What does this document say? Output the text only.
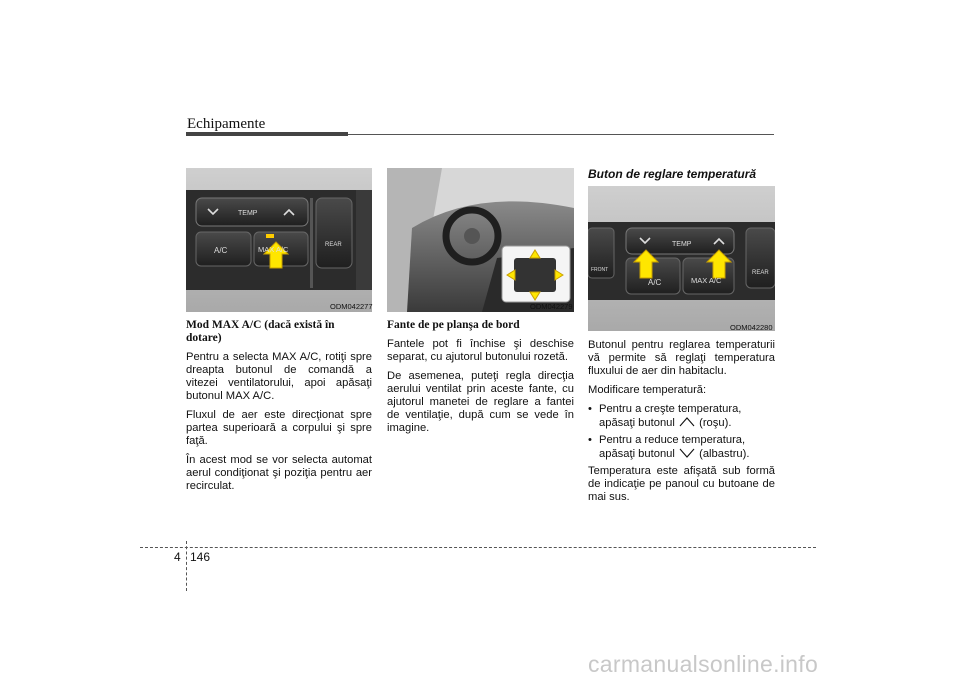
Echipamente
TEMP
A/C	MAX A/C	REAR
ODM042277	ODM042279
TEMP
FRONT
A/C	MAX A/C
REAR
ODM042280

Mod MAX A/C (dacă există în dotare)

Pentru a selecta MAX A/C, rotiţi spre dreapta butonul de comandă a vitezei ventilatorului, apoi apăsaţi butonul MAX A/C.

Fluxul de aer este direcţionat spre partea superioară a corpului şi spre faţă.

În acest mod se vor selecta automat aerul condiţionat şi poziţia pentru aer recirculat.

Fante de pe planşa de bord

Fantele pot fi închise şi deschise separat, cu ajutorul butonului rozetă.

De asemenea, puteţi regla direcţia aerului ventilat prin aceste fante, cu ajutorul manetei de reglare a fantei de ventilaţie, după cum se vede în imagine.

Buton de reglare temperatură

Butonul pentru reglarea temperaturii vă permite să reglaţi temperatura fluxului de aer din habitaclu.

Modificare temperatură:

• Pentru a creşte temperatura,
apăsaţi butonul (roşu).
• Pentru a reduce temperatura,
apăsaţi butonul (albastru).

Temperatura este afişată sub formă de indicaţie pe panoul cu butoane de mai sus.

4 146
carmanualsonline.info
